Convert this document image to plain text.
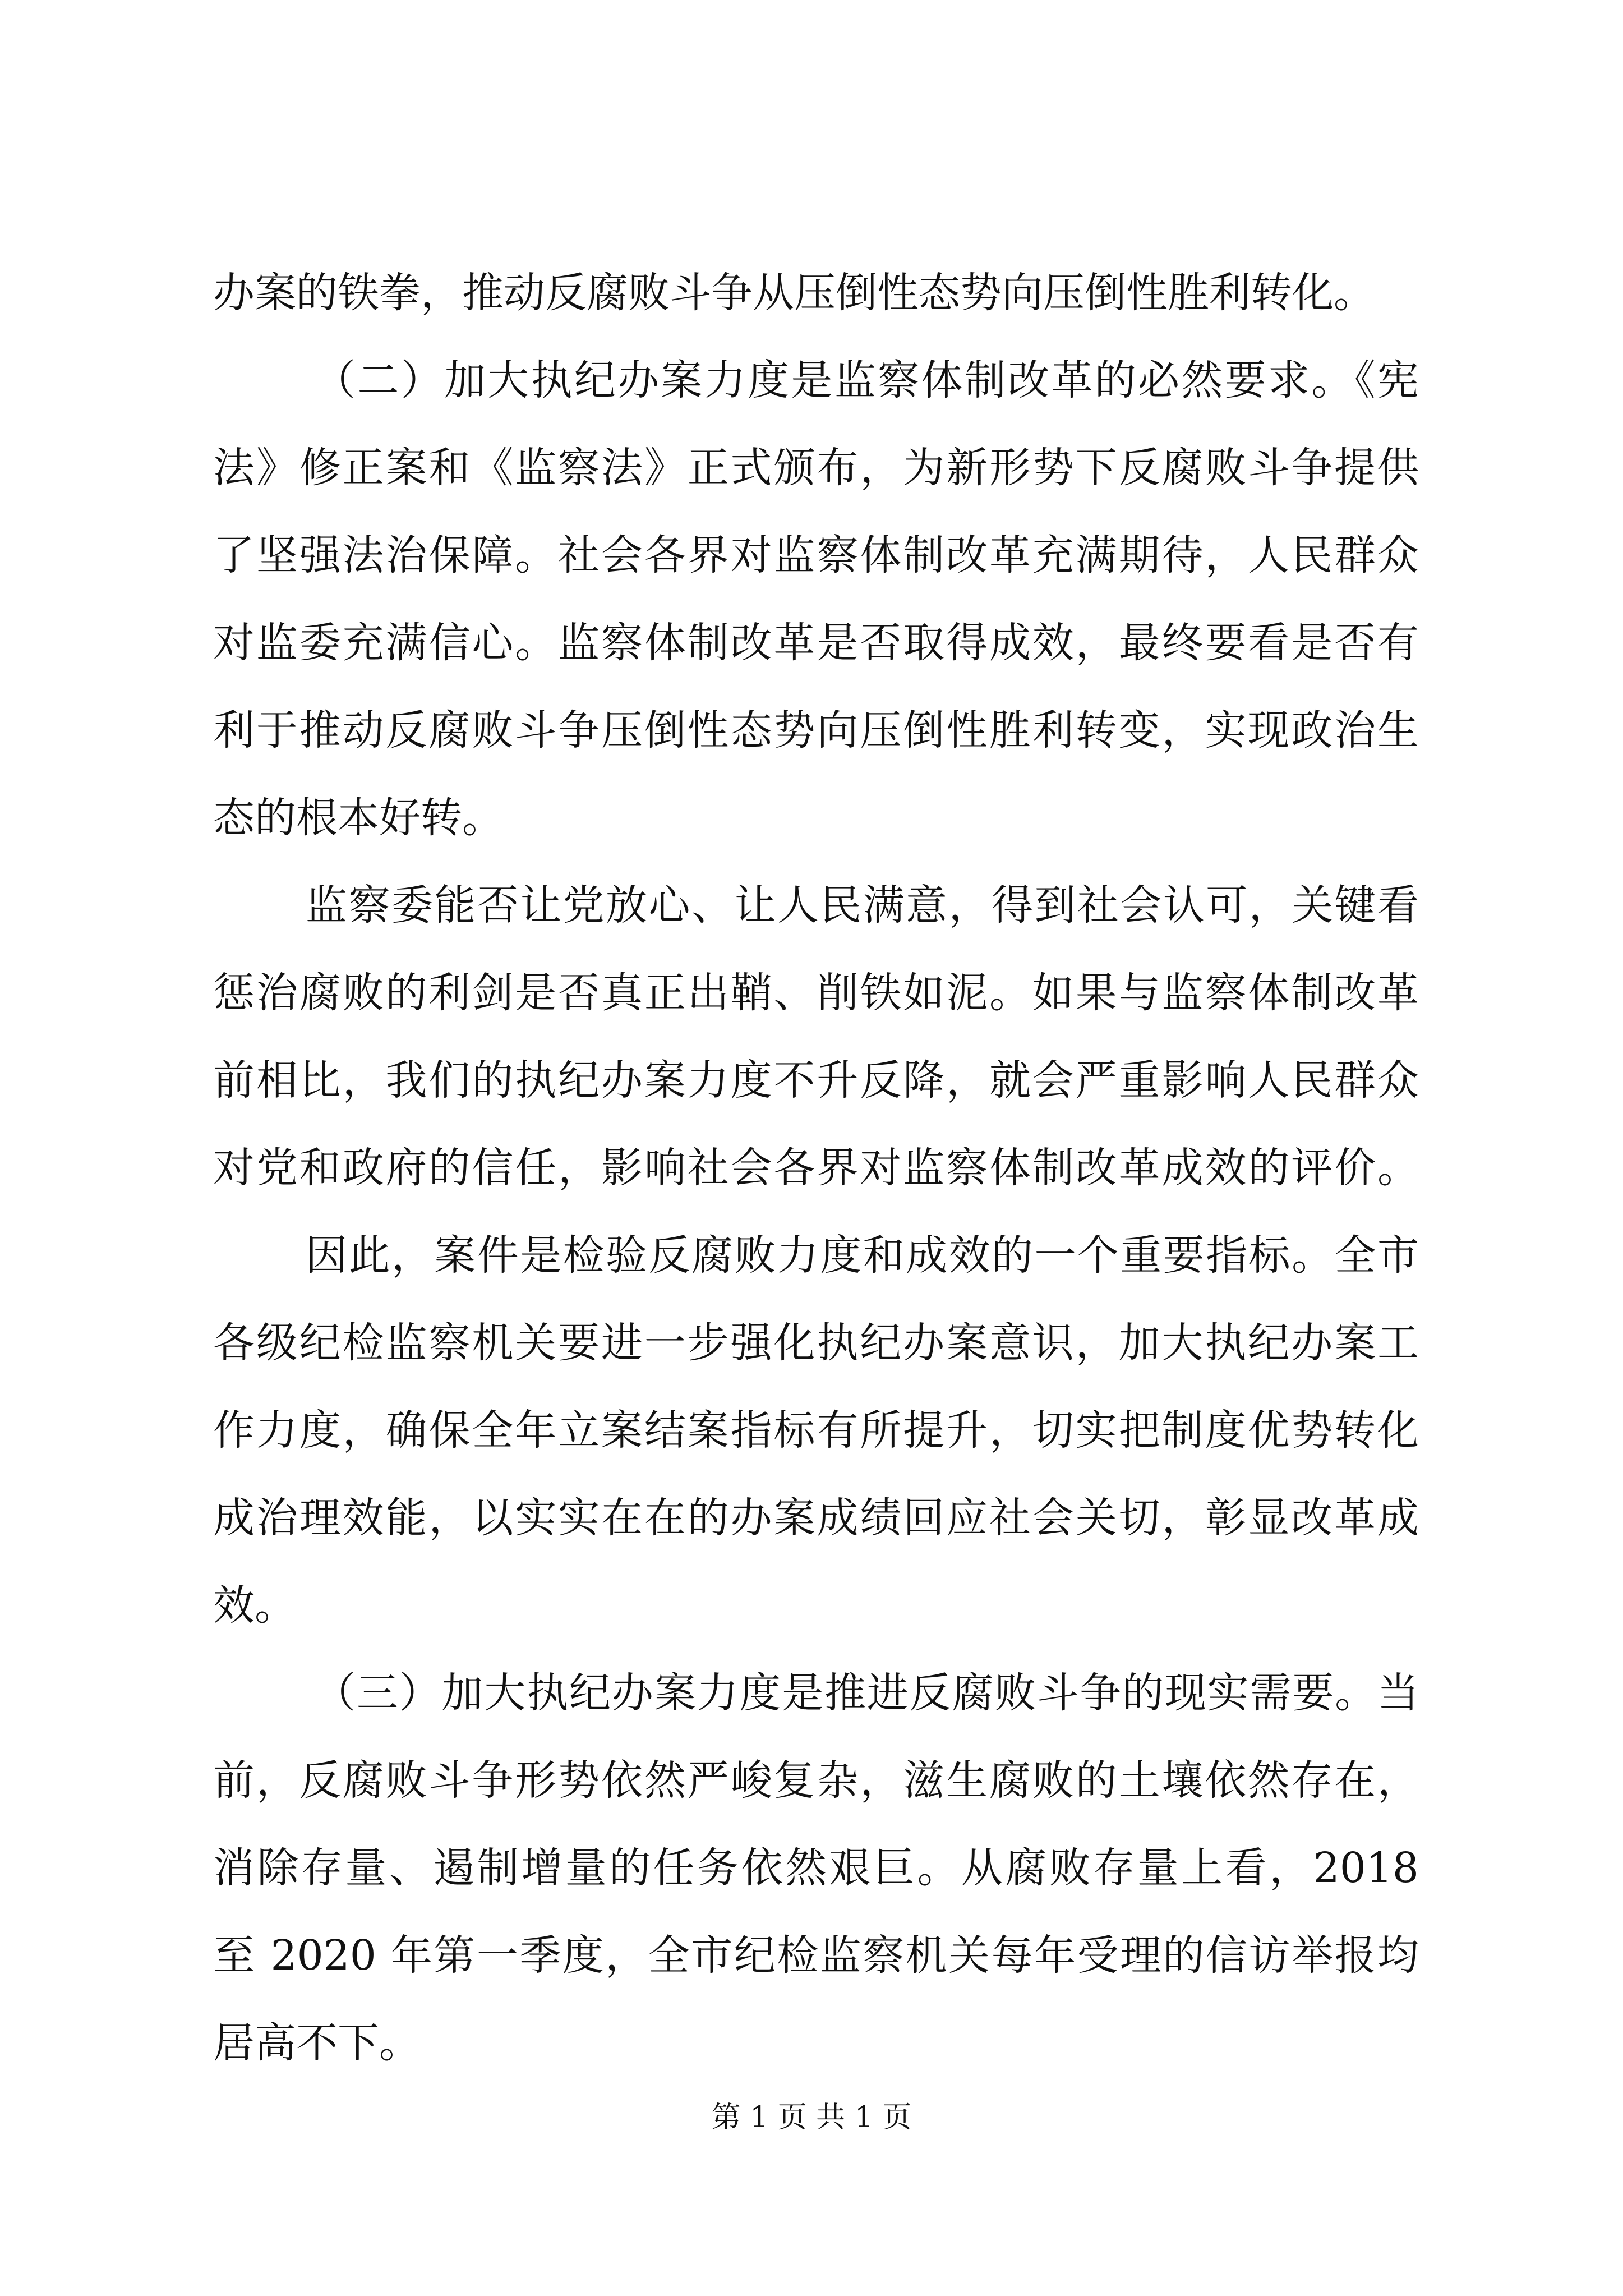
办案的铁拳，推动反腐败斗争从压倒性态势向压倒性胜利转化。
（二）加大执纪办案力度是监察体制改革的必然要求。《宪
法》修正案和《监察法》正式颁布，为新形势下反腐败斗争提供
了坚强法治保障。社会各界对监察体制改革充满期待，人民群众
对监委充满信心。监察体制改革是否取得成效，最终要看是否有
利于推动反腐败斗争压倒性态势向压倒性胜利转变，实现政治生
态的根本好转。
监察委能否让党放心、让人民满意，得到社会认可，关键看
惩治腐败的利剑是否真正出鞘、削铁如泥。如果与监察体制改革
前相比，我们的执纪办案力度不升反降，就会严重影响人民群众
对党和政府的信任，影响社会各界对监察体制改革成效的评价。
因此，案件是检验反腐败力度和成效的一个重要指标。全市
各级纪检监察机关要进一步强化执纪办案意识，加大执纪办案工
作力度，确保全年立案结案指标有所提升，切实把制度优势转化
成治理效能，以实实在在的办案成绩回应社会关切，彰显改革成
效。
（三）加大执纪办案力度是推进反腐败斗争的现实需要。当
前，反腐败斗争形势依然严峻复杂，滋生腐败的土壤依然存在，
消除存量、遏制增量的任务依然艰巨。从腐败存量上看，2018
至 2020 年第一季度，全市纪检监察机关每年受理的信访举报均
居高不下。
第 1 页 共 1 页
